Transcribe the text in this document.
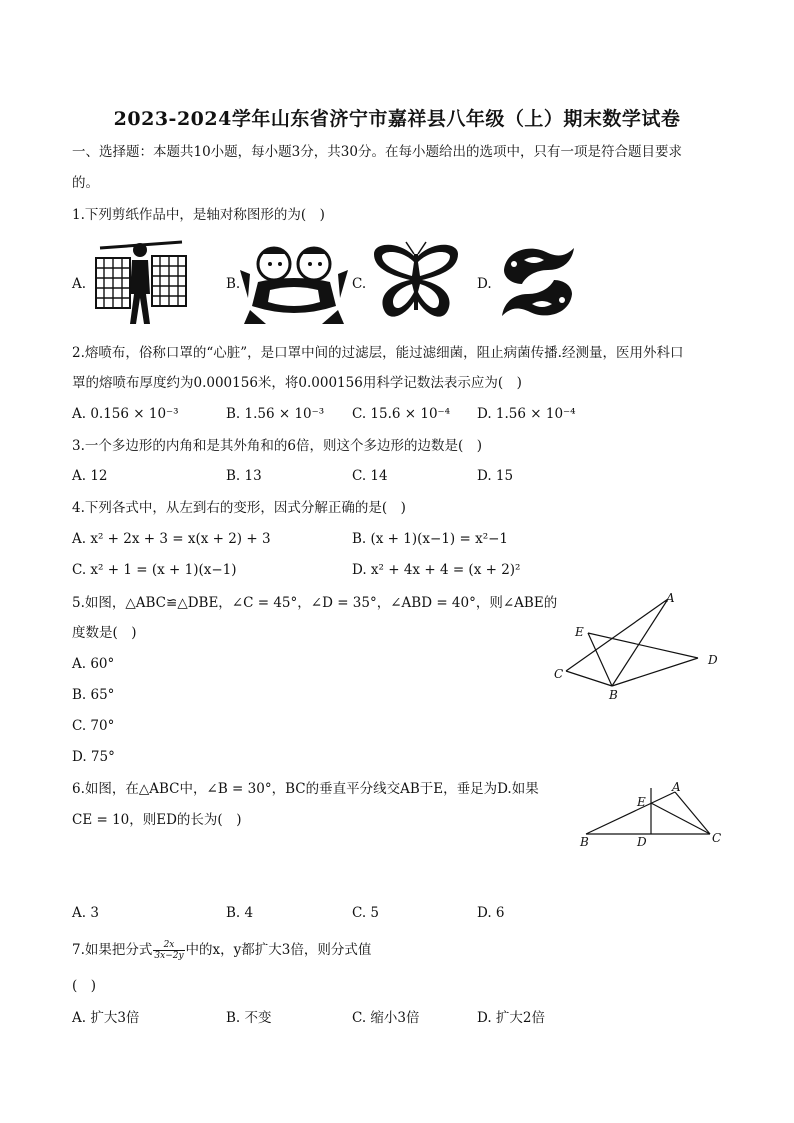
2023-2024学年山东省济宁市嘉祥县八年级（上）期末数学试卷
一、选择题：本题共10小题，每小题3分，共30分。在每小题给出的选项中，只有一项是符合题目要求
的。
1.下列剪纸作品中，是轴对称图形的为(　)
A.	B.	C.	D.
2.熔喷布，俗称口罩的“心脏”，是口罩中间的过滤层，能过滤细菌，阻止病菌传播.经测量，医用外科口
罩的熔喷布厚度约为0.000156米，将0.000156用科学记数法表示应为(　)
A. 0.156 × 10⁻³	B. 1.56 × 10⁻³ C. 15.6 × 10⁻⁴ D. 1.56 × 10⁻⁴
3.一个多边形的内角和是其外角和的6倍，则这个多边形的边数是(　)
A. 12	B. 13	C. 14	D. 15
4.下列各式中，从左到右的变形，因式分解正确的是(　)
A. x² + 2x + 3 = x(x + 2) + 3	B. (x + 1)(x−1) = x²−1
C. x² + 1 = (x + 1)(x−1)	D. x² + 4x + 4 = (x + 2)²
5.如图，△ABC≌△DBE，∠C = 45°，∠D = 35°，∠ABD = 40°，则∠ABE的
度数是(　)
A. 60°
B. 65°
C. 70°
D. 75°
A
E
D
C
B
6.如图，在△ABC中，∠B = 30°，BC的垂直平分线交AB于E，垂足为D.如果
CE = 10，则ED的长为(　)
A
E
B	D	C
A. 3	B. 4	C. 5	D. 6
7.如果把分式 $\frac{2x}{3x-2y}$ 中的x，y都扩大3倍，则分式值
(　)
A. 扩大3倍	B. 不变	C. 缩小3倍	D. 扩大2倍
